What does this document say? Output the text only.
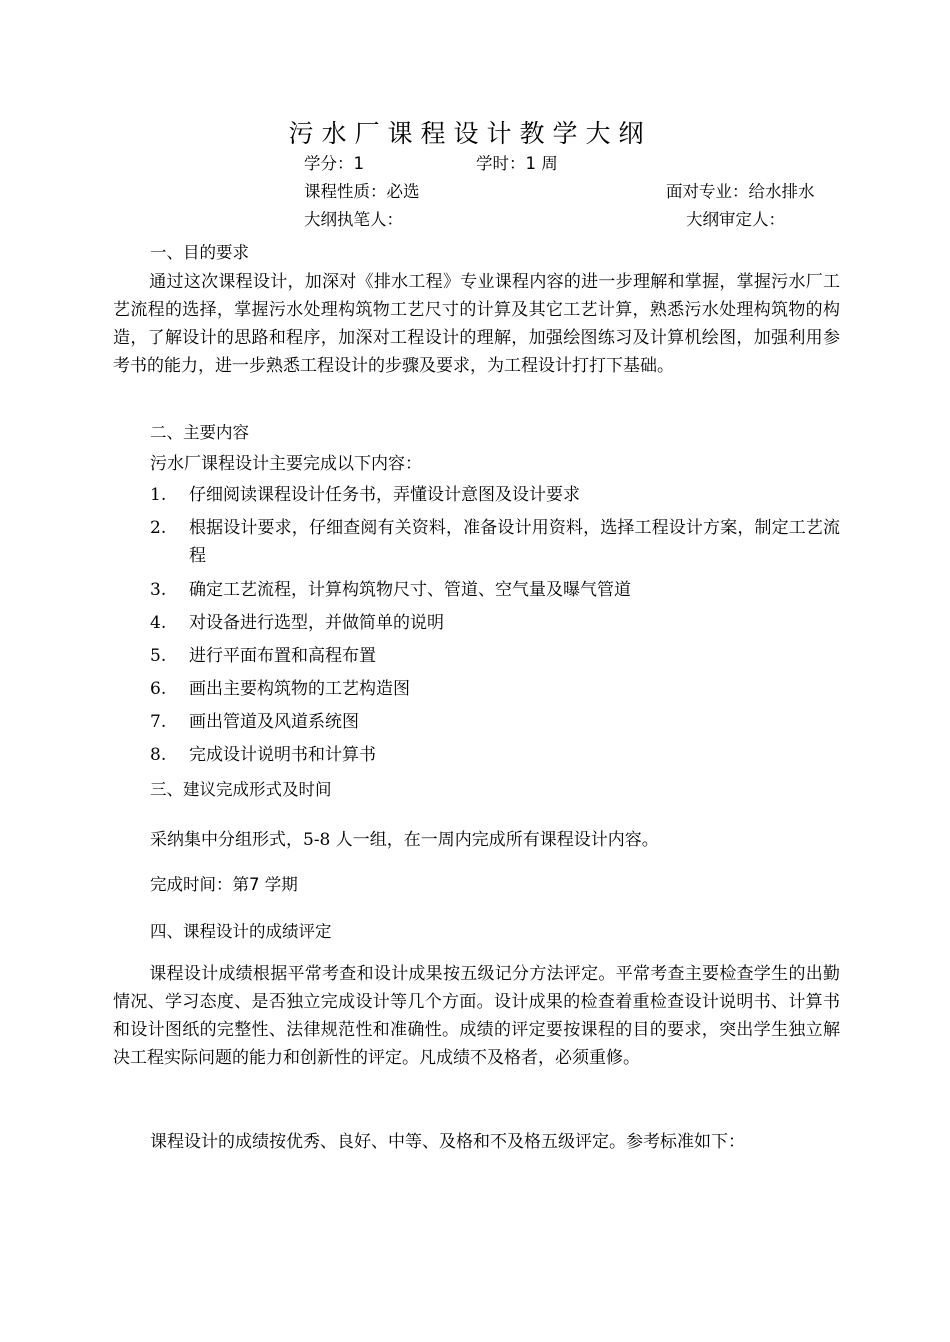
污水厂课程设计教学大纲
学分：1	学时：1 周
课程性质：必选	面对专业：给水排水
大纲执笔人：	大纲审定人：
一、目的要求
通过这次课程设计，加深对《排水工程》专业课程内容的进一步理解和掌握，掌握污水厂工艺流程的选择，掌握污水处理构筑物工艺尺寸的计算及其它工艺计算，熟悉污水处理构筑物的构造，了解设计的思路和程序，加深对工程设计的理解，加强绘图练习及计算机绘图，加强利用参考书的能力，进一步熟悉工程设计的步骤及要求，为工程设计打打下基础。
二、主要内容
污水厂课程设计主要完成以下内容：
1. 仔细阅读课程设计任务书，弄懂设计意图及设计要求
2. 根据设计要求，仔细查阅有关资料，准备设计用资料，选择工程设计方案，制定工艺流程
3. 确定工艺流程，计算构筑物尺寸、管道、空气量及曝气管道
4. 对设备进行选型，并做简单的说明
5. 进行平面布置和高程布置
6. 画出主要构筑物的工艺构造图
7. 画出管道及风道系统图
8. 完成设计说明书和计算书
三、建议完成形式及时间
采纳集中分组形式，5-8 人一组，在一周内完成所有课程设计内容。
完成时间：第7 学期
四、课程设计的成绩评定
课程设计成绩根据平常考查和设计成果按五级记分方法评定。平常考查主要检查学生的出勤情况、学习态度、是否独立完成设计等几个方面。设计成果的检查着重检查设计说明书、计算书和设计图纸的完整性、法律规范性和准确性。成绩的评定要按课程的目的要求，突出学生独立解决工程实际问题的能力和创新性的评定。凡成绩不及格者，必须重修。
课程设计的成绩按优秀、良好、中等、及格和不及格五级评定。参考标准如下：
